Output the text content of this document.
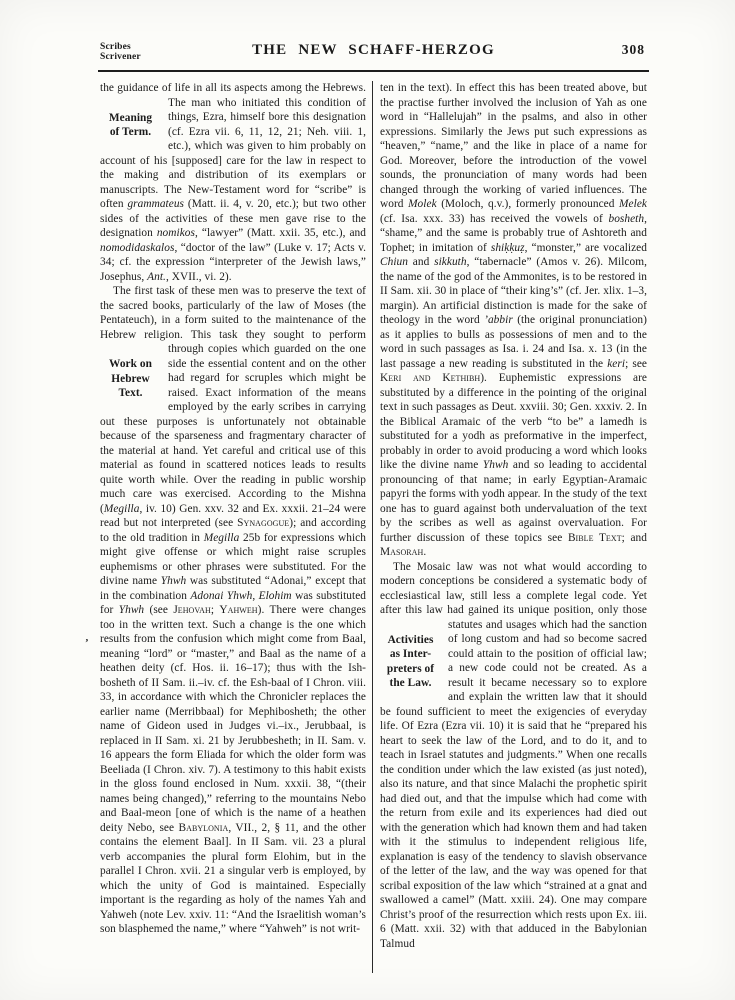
Scribes
Scrivener	THE NEW SCHAFF-HERZOG	308

the guidance of life in all its aspects among the Hebrews. The man who initiated this condition of
Meaning
of Term.
things, Ezra, himself bore this designation (cf. Ezra vii. 6, 11, 12, 21; Neh. viii. 1, etc.), which was given to him probably on account of his [supposed] care for the law in respect to the making and distribution of its exemplars or manuscripts. The New-Testament word for “scribe” is often grammateus (Matt. ii. 4, v. 20, etc.); but two other sides of the activities of these men gave rise to the designation nomikos, “lawyer” (Matt. xxii. 35, etc.), and nomodidaskalos, “doctor of the law” (Luke v. 17; Acts v. 34; cf. the expression “interpreter of the Jewish laws,” Josephus, Ant., XVII., vi. 2).

The first task of these men was to preserve the text of the sacred books, particularly of the law of Moses (the Pentateuch), in a form suited to the maintenance of the Hebrew religion. This task they sought to perform through copies which guarded on
Work on
Hebrew
Text.
the one side the essential content and on the other had regard for scruples which might be raised. Exact information of the means employed by the early scribes in carrying out these purposes is unfortunately not obtainable because of the sparseness and fragmentary character of the material at hand. Yet careful and critical use of this material as found in scattered notices leads to results quite worth while. Over the reading in public worship much care was exercised. According to the Mishna (Megilla, iv. 10) Gen. xxv. 32 and Ex. xxxii. 21–24 were read but not interpreted (see Synagogue); and according to the old tradition in Megilla 25b for expressions which might give offense or which might raise scruples euphemisms or other phrases were substituted. For the divine name Yhwh was substituted “Adonai,” except that in the combination Adonai Yhwh, Elohim was substituted for Yhwh (see Jehovah; Yahweh). There were changes too in the written text. Such a change is the one which results from the confusion which might come from Baal, meaning “lord” or “master,” and Baal as the name of a heathen deity (cf. Hos. ii. 16–17); thus with the Ish-bosheth of II Sam. ii.–iv. cf. the Esh-baal of I Chron. viii. 33, in accordance with which the Chronicler replaces the earlier name (Merribbaal) for Mephibosheth; the other name of Gideon used in Judges vi.–ix., Jerubbaal, is replaced in II Sam. xi. 21 by Jerubbesheth; in II. Sam. v. 16 appears the form Eliada for which the older form was Beeliada (I Chron. xiv. 7). A testimony to this habit exists in the gloss found enclosed in Num. xxxii. 38, “(their names being changed),” referring to the mountains Nebo and Baal-meon [one of which is the name of a heathen deity Nebo, see Babylonia, VII., 2, § 11, and the other contains the element Baal]. In II Sam. vii. 23 a plural verb accompanies the plural form Elohim, but in the parallel I Chron. xvii. 21 a singular verb is employed, by which the unity of God is maintained. Especially important is the regarding as holy of the names Yah and Yahweh (note Lev. xxiv. 11: “And the Israelitish woman’s son blasphemed the name,” where “Yahweh” is not writ-

ten in the text). In effect this has been treated above, but the practise further involved the inclusion of Yah as one word in “Hallelujah” in the psalms, and also in other expressions. Similarly the Jews put such expressions as “heaven,” “name,” and the like in place of a name for God. Moreover, before the introduction of the vowel sounds, the pronunciation of many words had been changed through the working of varied influences. The word Molek (Moloch, q.v.), formerly pronounced Melek (cf. Isa. xxx. 33) has received the vowels of bosheth, “shame,” and the same is probably true of Ashtoreth and Tophet; in imitation of shiḳḳuẓ, “monster,” are vocalized Chiun and sikkuth, “tabernacle” (Amos v. 26). Milcom, the name of the god of the Ammonites, is to be restored in II Sam. xii. 30 in place of “their king’s” (cf. Jer. xlix. 1–3, margin). An artificial distinction is made for the sake of theology in the word ’abbir (the original pronunciation) as it applies to bulls as possessions of men and to the word in such passages as Isa. i. 24 and Isa. x. 13 (in the last passage a new reading is substituted in the keri; see Keri and Kethibh). Euphemistic expressions are substituted by a difference in the pointing of the original text in such passages as Deut. xxviii. 30; Gen. xxxiv. 2. In the Biblical Aramaic of the verb “to be” a lamedh is substituted for a yodh as preformative in the imperfect, probably in order to avoid producing a word which looks like the divine name Yhwh and so leading to accidental pronouncing of that name; in early Egyptian-Aramaic papyri the forms with yodh appear. In the study of the text one has to guard against both undervaluation of the text by the scribes as well as against overvaluation. For further discussion of these topics see Bible Text; and Masorah.

The Mosaic law was not what would according to modern conceptions be considered a systematic body of ecclesiastical law, still less a complete legal code. Yet after this law had gained its unique position, only those statutes and usages which had
Activities
as Inter-
preters of
the Law.
the sanction of long custom and had so become sacred could attain to the position of official law; a new code could not be created. As a result it became necessary so to explore and explain the written law that it should be found sufficient to meet the exigencies of everyday life. Of Ezra (Ezra vii. 10) it is said that he “prepared his heart to seek the law of the Lord, and to do it, and to teach in Israel statutes and judgments.” When one recalls the condition under which the law existed (as just noted), also its nature, and that since Malachi the prophetic spirit had died out, and that the impulse which had come with the return from exile and its experiences had died out with the generation which had known them and had taken with it the stimulus to independent religious life, explanation is easy of the tendency to slavish observance of the letter of the law, and the way was opened for that scribal exposition of the law which “strained at a gnat and swallowed a camel” (Matt. xxiii. 24). One may compare Christ’s proof of the resurrection which rests upon Ex. iii. 6 (Matt. xxii. 32) with that adduced in the Babylonian Talmud

’
